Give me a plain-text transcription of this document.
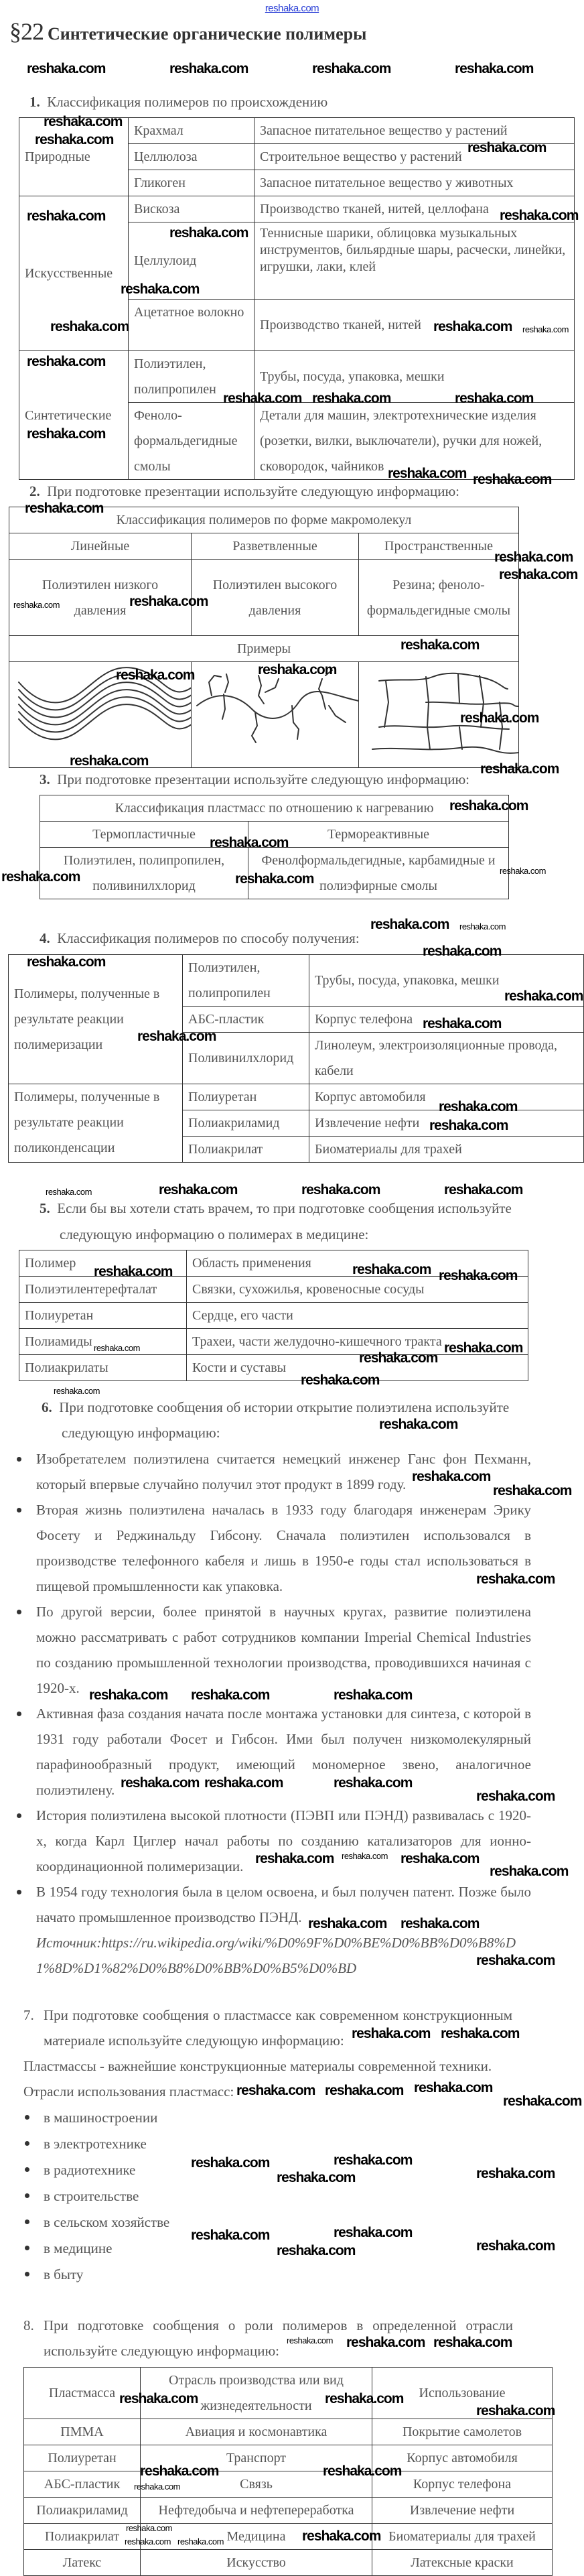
reshaka.com
§22 Синтетические органические полимеры
1. Классификация полимеров по происхождению
Природные	Крахмал	Запасное питательное вещество у растений
	Целлюлоза	Строительное вещество у растений
	Гликоген	Запасное питательное вещество у животных
Искусственные	Вискоза	Производство тканей, нитей, целлофана
	Целлулоид	Теннисные шарики, облицовка музыкальных инструментов, бильярдные шары, расчески, линейки, игрушки, лаки, клей
	Ацетатное волокно	Производство тканей, нитей
Синтетические	Полиэтилен, полипропилен	Трубы, посуда, упаковка, мешки
	Феноло-формальдегидные смолы	Детали для машин, электротехнические изделия (розетки, вилки, выключатели), ручки для ножей, сковородок, чайников
2. При подготовке презентации используйте следующую информацию:
Классификация полимеров по форме макромолекул		
Линейные	Разветвленные	Пространственные
Полиэтилен низкого давления	Полиэтилен высокого давления	Резина; феноло-формальдегидные смолы
Примеры		

3. При подготовке презентации используйте следующую информацию:
Классификация пластмасс по отношению к нагреванию	
Термопластичные	Термореактивные
Полиэтилен, полипропилен, поливинилхлорид	Фенолформальдегидные, карбамидные и полиэфирные смолы
4. Классификация полимеров по способу получения:
Полимеры, полученные в результате реакции полимеризации	Полиэтилен, полипропилен	Трубы, посуда, упаковка, мешки
	АБС-пластик	Корпус телефона
	Поливинилхлорид	Линолеум, электроизоляционные провода, кабели
Полимеры, полученные в результате реакции поликонденсации	Полиуретан	Корпус автомобиля
	Полиакриламид	Извлечение нефти
	Полиакрилат	Биоматериалы для трахей
5. Если бы вы хотели стать врачем, то при подготовке сообщения используйте
следующую информацию о полимерах в медицине:
Полимер	Область применения
Полиэтилентерефталат	Связки, сухожилья, кровеносные сосуды
Полиуретан	Сердце, его части
Полиамиды	Трахеи, части желудочно-кишечного тракта
Полиакрилаты	Кости и суставы
6. При подготовке сообщения об истории открытие полиэтилена используйте
следующую информацию:
Изобретателем полиэтилена считается немецкий инженер Ганс фон Пехманн, который впервые случайно получил этот продукт в 1899 году.
Вторая жизнь полиэтилена началась в 1933 году благодаря инженерам Эрику Фосету и Реджинальду Гибсону. Сначала полиэтилен использовался в производстве телефонного кабеля и лишь в 1950-е годы стал использоваться в пищевой промышленности как упаковка.
По другой версии, более принятой в научных кругах, развитие полиэтилена можно рассматривать с работ сотрудников компании Imperial Chemical Industries по созданию промышленной технологии производства, проводившихся начиная с 1920-х.
Активная фаза создания начата после монтажа установки для синтеза, с которой в 1931 году работали Фосет и Гибсон. Ими был получен низкомолекулярный парафинообразный продукт, имеющий мономерное звено, аналогичное полиэтилену.
История полиэтилена высокой плотности (ПЭВП или ПЭНД) развивалась с 1920-х, когда Карл Циглер начал работы по созданию катализаторов для ионно-координационной полимеризации.
В 1954 году технология была в целом освоена, и был получен патент. Позже было начато промышленное производство ПЭНД.
Источник:https://ru.wikipedia.org/wiki/%D0%9F%D0%BE%D0%BB%D0%B8%D1%8D%D1%82%D0%B8%D0%BB%D0%B5%D0%BD
7. При подготовке сообщения о пластмассе как современном конструкционным материале используйте следующую информацию:
Пластмассы - важнейшие конструкционные материалы современной техники.
Отрасли использования пластмасс:
в машиностроении
в электротехнике
в радиотехнике
в строительстве
в сельском хозяйстве
в медицине
в быту
8. При подготовке сообщения о роли полимеров в определенной отрасли используйте следующую информацию:
Пластмасса	Отрасль производства или вид жизнедеятельности	Использование
ПММА	Авиация и космонавтика	Покрытие самолетов
Полиуретан	Транспорт	Корпус автомобиля
АБС-пластик	Связь	Корпус телефона
Полиакриламид	Нефтедобыча и нефтепереработка	Извлечение нефти
Полиакрилат	Медицина	Биоматериалы для трахей
Латекс	Искусство	Латексные краски
reshaka.com	reshaka.com	reshaka.com	reshaka.com
reshaka.com
reshaka.com
reshaka.com
reshaka.com	reshaka.com
reshaka.com
reshaka.com
reshaka.com	reshaka.com reshaka.com
reshaka.com
reshaka.com reshaka.com	reshaka.com
reshaka.com
reshaka.com
reshaka.com
reshaka.com
reshaka.com
reshaka.com
reshaka.com	reshaka.com
reshaka.com
reshaka.com	reshaka.com
reshaka.com
reshaka.com
reshaka.com
reshaka.com
reshaka.com
reshaka.com	reshaka.com
reshaka.com
reshaka.com reshaka.com
reshaka.com
reshaka.com
reshaka.com
reshaka.com
reshaka.com
reshaka.com
reshaka.com
reshaka.com
reshaka.com	reshaka.com	reshaka.com
reshaka.com	reshaka.com
reshaka.com
reshaka.com	reshaka.com
reshaka.com
reshaka.com
reshaka.com
reshaka.com
reshaka.com
reshaka.com
reshaka.com
reshaka.com reshaka.com	reshaka.com
reshaka.com reshaka.com	reshaka.com
reshaka.com
reshaka.com reshaka.com reshaka.com
reshaka.com
reshaka.com reshaka.com
reshaka.com
reshaka.com reshaka.com
reshaka.com reshaka.com reshaka.com
reshaka.com
reshaka.com	reshaka.com
reshaka.com	reshaka.com
reshaka.com	reshaka.com
reshaka.com	reshaka.com
reshaka.com reshaka.com reshaka.com
reshaka.com
reshaka.com
reshaka.com
reshaka.com	reshaka.com
reshaka.com
reshaka.com
reshaka.com
reshaka.com
reshaka.com
